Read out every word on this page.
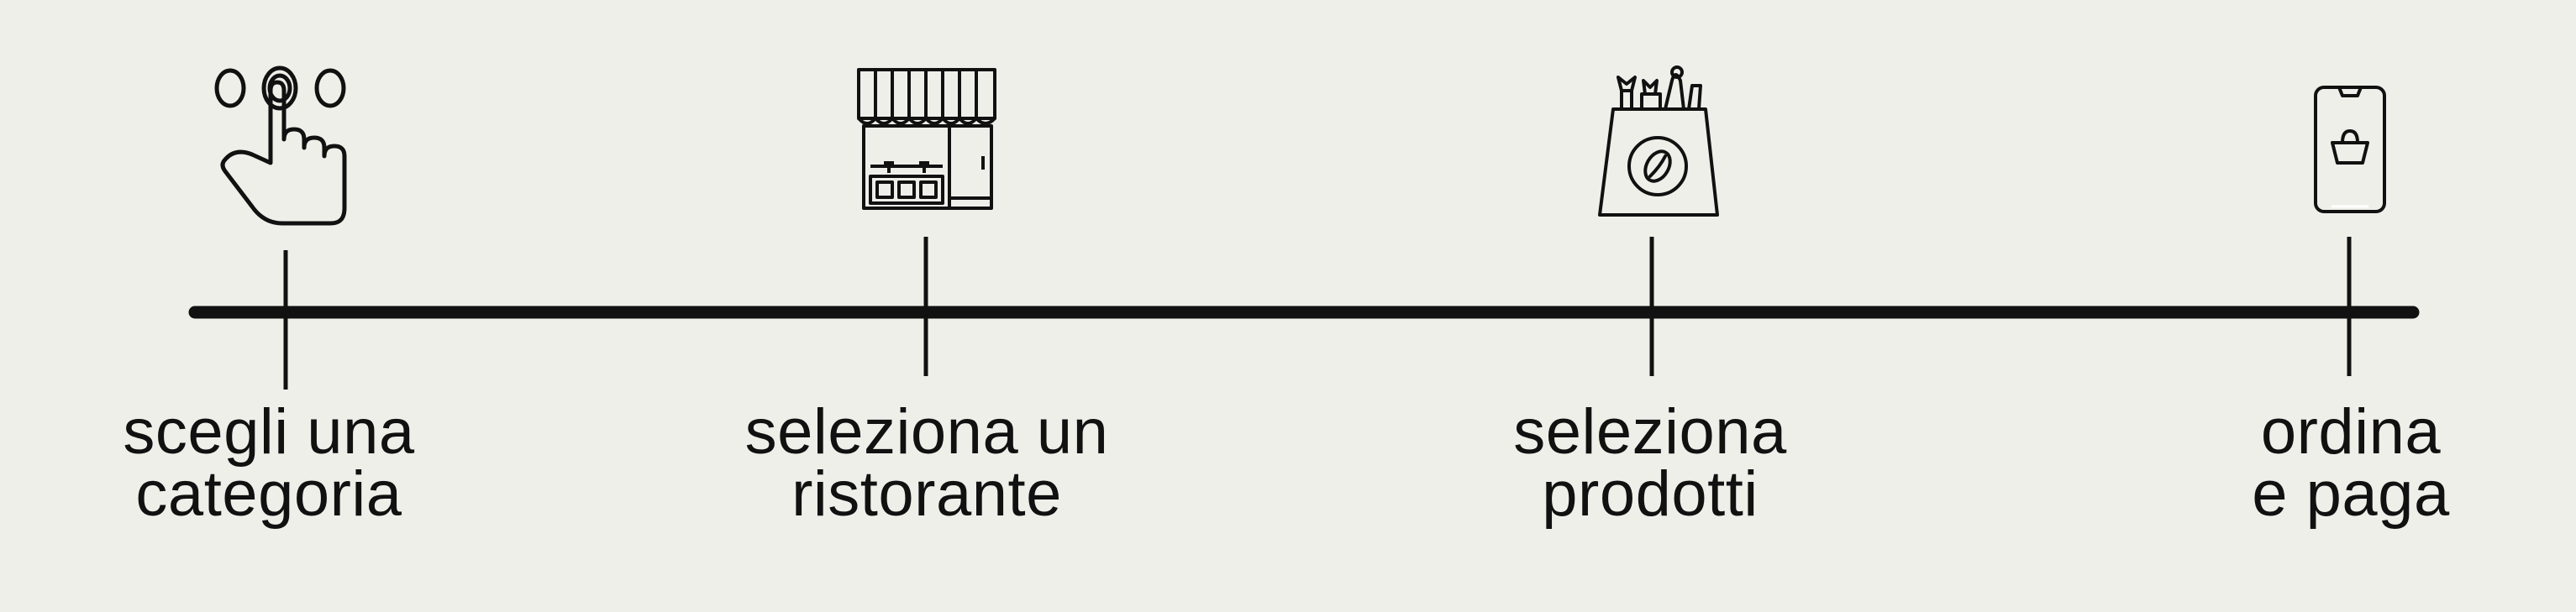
scegli una
categoria
seleziona un
ristorante
seleziona
prodotti
ordina
e paga
